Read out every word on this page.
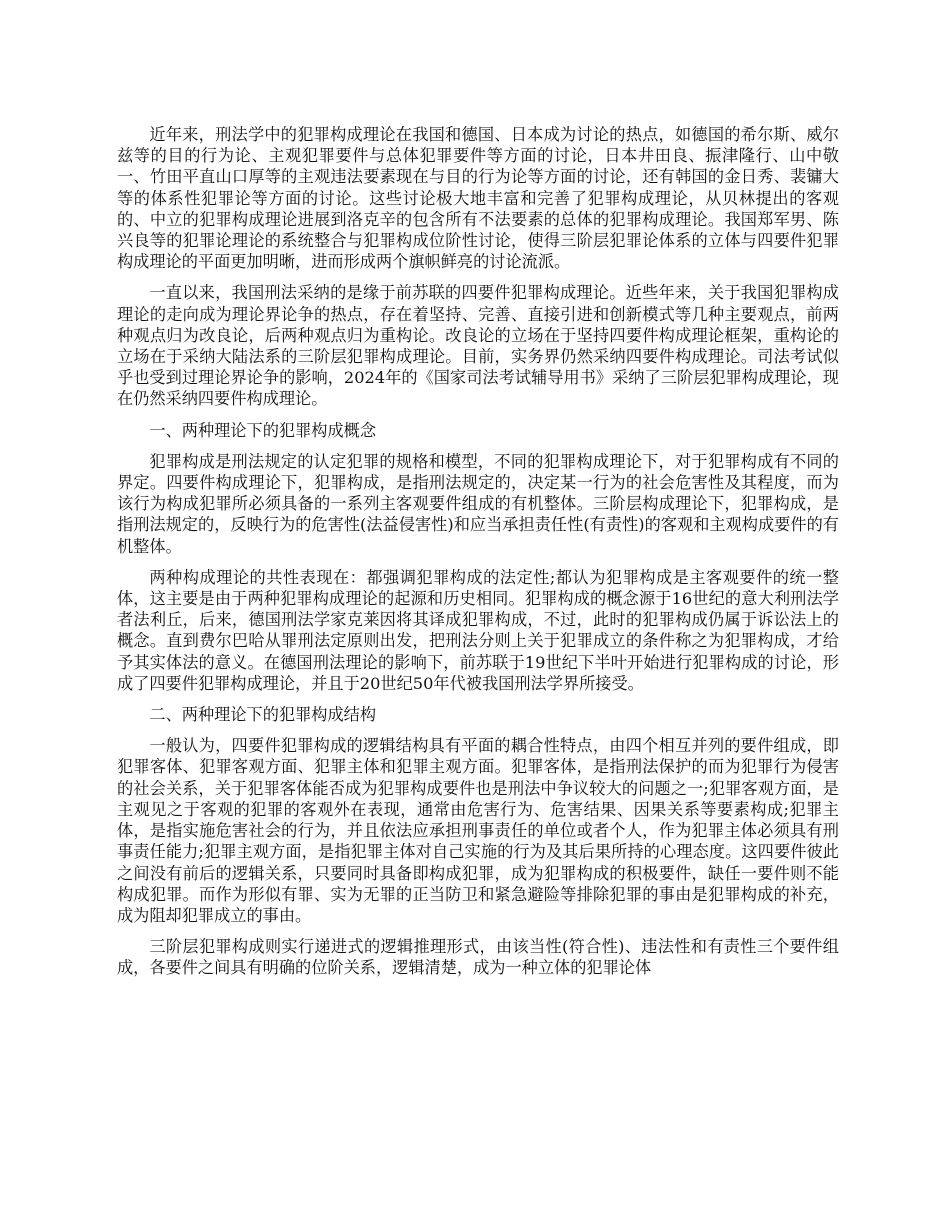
近年来，刑法学中的犯罪构成理论在我国和德国、日本成为讨论的热点，如德国的希尔斯、威尔兹等的目的行为论、主观犯罪要件与总体犯罪要件等方面的讨论，日本井田良、振津隆行、山中敬一、竹田平直山口厚等的主观违法要素现在与目的行为论等方面的讨论，还有韩国的金日秀、裴镛大等的体系性犯罪论等方面的讨论。这些讨论极大地丰富和完善了犯罪构成理论，从贝林提出的客观的、中立的犯罪构成理论进展到洛克辛的包含所有不法要素的总体的犯罪构成理论。我国郑军男、陈兴良等的犯罪论理论的系统整合与犯罪构成位阶性讨论，使得三阶层犯罪论体系的立体与四要件犯罪构成理论的平面更加明晰，进而形成两个旗帜鲜亮的讨论流派。

一直以来，我国刑法采纳的是缘于前苏联的四要件犯罪构成理论。近些年来，关于我国犯罪构成理论的走向成为理论界论争的热点，存在着坚持、完善、直接引进和创新模式等几种主要观点，前两种观点归为改良论，后两种观点归为重构论。改良论的立场在于坚持四要件构成理论框架，重构论的立场在于采纳大陆法系的三阶层犯罪构成理论。目前，实务界仍然采纳四要件构成理论。司法考试似乎也受到过理论界论争的影响，2024年的《国家司法考试辅导用书》采纳了三阶层犯罪构成理论，现在仍然采纳四要件构成理论。

一、两种理论下的犯罪构成概念

犯罪构成是刑法规定的认定犯罪的规格和模型，不同的犯罪构成理论下，对于犯罪构成有不同的界定。四要件构成理论下，犯罪构成，是指刑法规定的，决定某一行为的社会危害性及其程度，而为该行为构成犯罪所必须具备的一系列主客观要件组成的有机整体。三阶层构成理论下，犯罪构成，是指刑法规定的，反映行为的危害性(法益侵害性)和应当承担责任性(有责性)的客观和主观构成要件的有机整体。

两种构成理论的共性表现在：都强调犯罪构成的法定性;都认为犯罪构成是主客观要件的统一整体，这主要是由于两种犯罪构成理论的起源和历史相同。犯罪构成的概念源于16世纪的意大利刑法学者法利丘，后来，德国刑法学家克莱因将其译成犯罪构成，不过，此时的犯罪构成仍属于诉讼法上的概念。直到费尔巴哈从罪刑法定原则出发，把刑法分则上关于犯罪成立的条件称之为犯罪构成，才给予其实体法的意义。在德国刑法理论的影响下，前苏联于19世纪下半叶开始进行犯罪构成的讨论，形成了四要件犯罪构成理论，并且于20世纪50年代被我国刑法学界所接受。

二、两种理论下的犯罪构成结构

一般认为，四要件犯罪构成的逻辑结构具有平面的耦合性特点，由四个相互并列的要件组成，即犯罪客体、犯罪客观方面、犯罪主体和犯罪主观方面。犯罪客体，是指刑法保护的而为犯罪行为侵害的社会关系，关于犯罪客体能否成为犯罪构成要件也是刑法中争议较大的问题之一;犯罪客观方面，是主观见之于客观的犯罪的客观外在表现，通常由危害行为、危害结果、因果关系等要素构成;犯罪主体，是指实施危害社会的行为，并且依法应承担刑事责任的单位或者个人，作为犯罪主体必须具有刑事责任能力;犯罪主观方面，是指犯罪主体对自己实施的行为及其后果所持的心理态度。这四要件彼此之间没有前后的逻辑关系，只要同时具备即构成犯罪，成为犯罪构成的积极要件，缺任一要件则不能构成犯罪。而作为形似有罪、实为无罪的正当防卫和紧急避险等排除犯罪的事由是犯罪构成的补充，成为阻却犯罪成立的事由。

三阶层犯罪构成则实行递进式的逻辑推理形式，由该当性(符合性)、违法性和有责性三个要件组成，各要件之间具有明确的位阶关系，逻辑清楚，成为一种立体的犯罪论体
